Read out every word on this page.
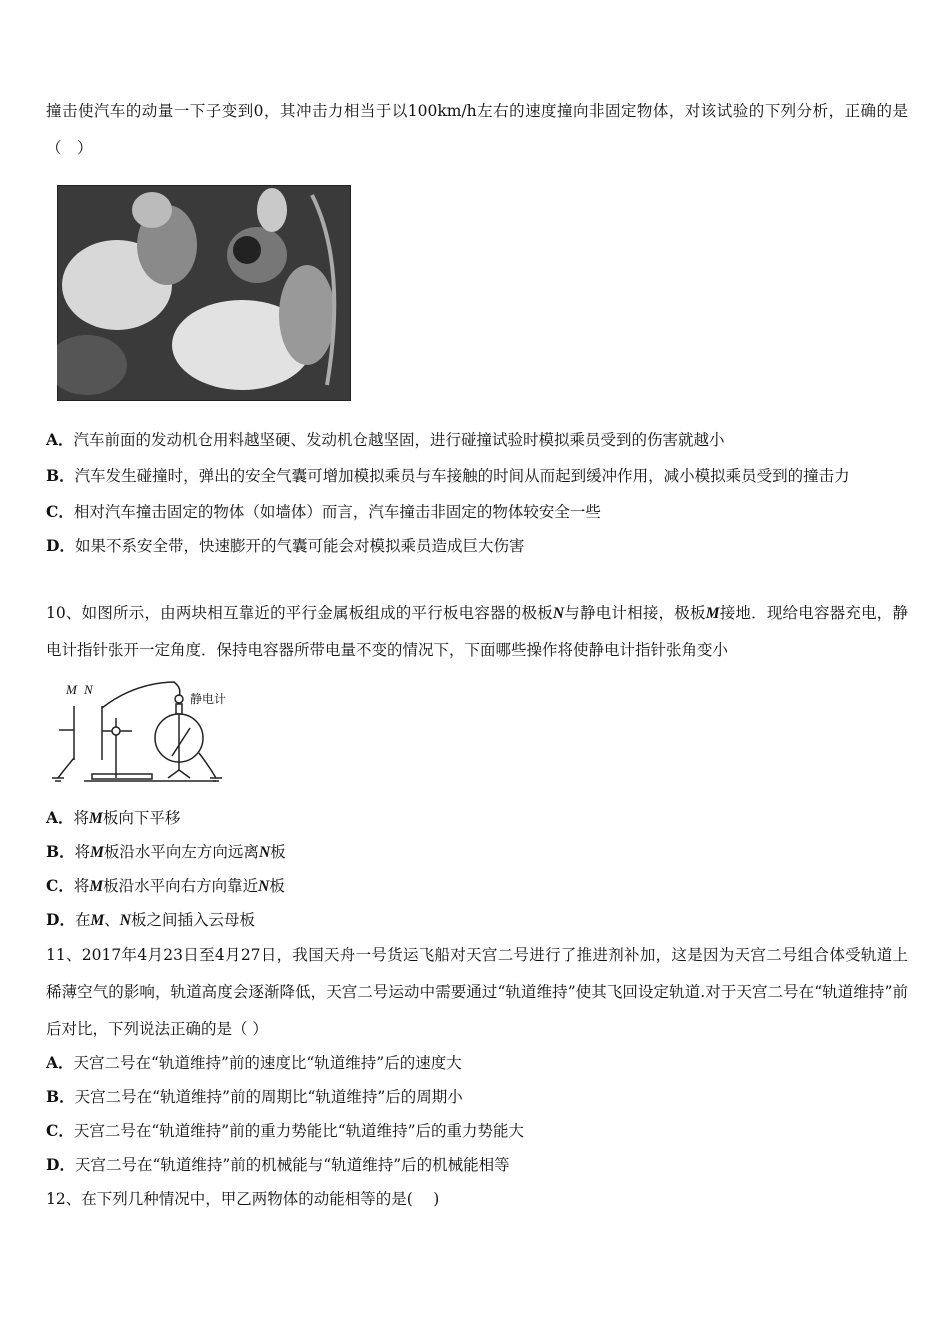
撞击使汽车的动量一下子变到0，其冲击力相当于以100km/h左右的速度撞向非固定物体，对该试验的下列分析，正确的是（　）
A．汽车前面的发动机仓用料越坚硬、发动机仓越坚固，进行碰撞试验时模拟乘员受到的伤害就越小
B．汽车发生碰撞时，弹出的安全气囊可增加模拟乘员与车接触的时间从而起到缓冲作用，减小模拟乘员受到的撞击力
C．相对汽车撞击固定的物体（如墙体）而言，汽车撞击非固定的物体较安全一些
D．如果不系安全带，快速膨开的气囊可能会对模拟乘员造成巨大伤害
10、如图所示，由两块相互靠近的平行金属板组成的平行板电容器的极板N与静电计相接，极板M接地．现给电容器充电，静电计指针张开一定角度．保持电容器所带电量不变的情况下，下面哪些操作将使静电计指针张角变小
M N
静电计
A．将M板向下平移
B．将M板沿水平向左方向远离N板
C．将M板沿水平向右方向靠近N板
D．在M、N板之间插入云母板
11、2017年4月23日至4月27日，我国天舟一号货运飞船对天宫二号进行了推进剂补加，这是因为天宫二号组合体受轨道上稀薄空气的影响，轨道高度会逐渐降低，天宫二号运动中需要通过“轨道维持”使其飞回设定轨道.对于天宫二号在“轨道维持”前后对比，下列说法正确的是（ ）
A．天宫二号在“轨道维持”前的速度比“轨道维持”后的速度大
B．天宫二号在“轨道维持”前的周期比“轨道维持”后的周期小
C．天宫二号在“轨道维持”前的重力势能比“轨道维持”后的重力势能大
D．天宫二号在“轨道维持”前的机械能与“轨道维持”后的机械能相等
12、在下列几种情况中，甲乙两物体的动能相等的是(　 )
